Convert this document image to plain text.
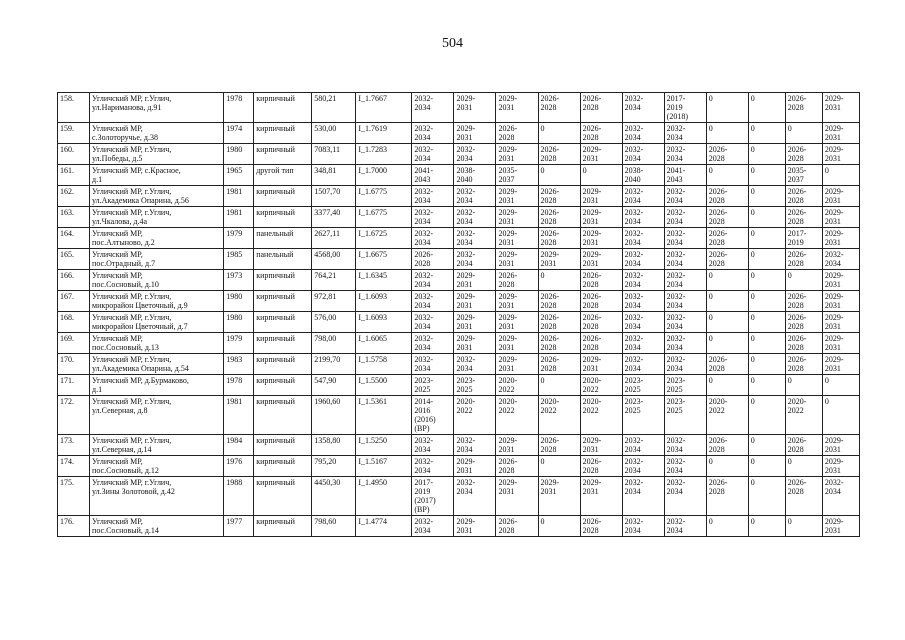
504
158.	Угличский МР, г.Углич,
ул.Нариманова, д.91	1978	кирпичный	580,21	I_1.7667	2032-
2034	2029-
2031	2029-
2031	2026-
2028	2026-
2028	2032-
2034	2017-
2019
(2018)	0	0	2026-
2028	2029-
2031
159.	Угличский МР,
с.Золоторучье, д.38	1974	кирпичный	530,00	I_1.7619	2032-
2034	2029-
2031	2026-
2028	0	2026-
2028	2032-
2034	2032-
2034	0	0	0	2029-
2031
160.	Угличский МР, г.Углич,
ул.Победы, д.5	1980	кирпичный	7083,11	I_1.7283	2032-
2034	2032-
2034	2029-
2031	2026-
2028	2029-
2031	2032-
2034	2032-
2034	2026-
2028	0	2026-
2028	2029-
2031
161.	Угличский МР, с.Красное,
д.1	1965	другой тип	348,81	I_1.7000	2041-
2043	2038-
2040	2035-
2037	0	0	2038-
2040	2041-
2043	0	0	2035-
2037	0
162.	Угличский МР, г.Углич,
ул.Академика Опарина, д.56	1981	кирпичный	1507,70	I_1.6775	2032-
2034	2032-
2034	2029-
2031	2026-
2028	2029-
2031	2032-
2034	2032-
2034	2026-
2028	0	2026-
2028	2029-
2031
163.	Угличский МР, г.Углич,
ул.Чкалова, д.4а	1981	кирпичный	3377,40	I_1.6775	2032-
2034	2032-
2034	2029-
2031	2026-
2028	2029-
2031	2032-
2034	2032-
2034	2026-
2028	0	2026-
2028	2029-
2031
164.	Угличский МР,
пос.Алтыново, д.2	1979	панельный	2627,11	I_1.6725	2032-
2034	2032-
2034	2029-
2031	2026-
2028	2029-
2031	2032-
2034	2032-
2034	2026-
2028	0	2017-
2019	2029-
2031
165.	Угличский МР,
пос.Отрадный, д.7	1985	панельный	4568,00	I_1.6675	2026-
2028	2032-
2034	2029-
2031	2029-
2031	2029-
2031	2032-
2034	2032-
2034	2026-
2028	0	2026-
2028	2032-
2034
166.	Угличский МР,
пос.Сосновый, д.10	1973	кирпичный	764,21	I_1.6345	2032-
2034	2029-
2031	2026-
2028	0	2026-
2028	2032-
2034	2032-
2034	0	0	0	2029-
2031
167.	Угличский МР, г.Углич,
микрорайон Цветочный, д.9	1980	кирпичный	972,81	I_1.6093	2032-
2034	2029-
2031	2029-
2031	2026-
2028	2026-
2028	2032-
2034	2032-
2034	0	0	2026-
2028	2029-
2031
168.	Угличский МР, г.Углич,
микрорайон Цветочный, д.7	1980	кирпичный	576,00	I_1.6093	2032-
2034	2029-
2031	2029-
2031	2026-
2028	2026-
2028	2032-
2034	2032-
2034	0	0	2026-
2028	2029-
2031
169.	Угличский МР,
пос.Сосновый, д.13	1979	кирпичный	798,00	I_1.6065	2032-
2034	2029-
2031	2029-
2031	2026-
2028	2026-
2028	2032-
2034	2032-
2034	0	0	2026-
2028	2029-
2031
170.	Угличский МР, г.Углич,
ул.Академика Опарина, д.54	1983	кирпичный	2199,70	I_1.5758	2032-
2034	2032-
2034	2029-
2031	2026-
2028	2029-
2031	2032-
2034	2032-
2034	2026-
2028	0	2026-
2028	2029-
2031
171.	Угличский МР, д.Бурмаково,
д.1	1978	кирпичный	547,90	I_1.5500	2023-
2025	2023-
2025	2020-
2022	0	2020-
2022	2023-
2025	2023-
2025	0	0	0	0
172.	Угличский МР, г.Углич,
ул.Северная, д.8	1981	кирпичный	1960,60	I_1.5361	2014-
2016
(2016)
(ВР)	2020-
2022	2020-
2022	2020-
2022	2020-
2022	2023-
2025	2023-
2025	2020-
2022	0	2020-
2022	0
173.	Угличский МР, г.Углич,
ул.Северная, д.14	1984	кирпичный	1358,80	I_1.5250	2032-
2034	2032-
2034	2029-
2031	2026-
2028	2029-
2031	2032-
2034	2032-
2034	2026-
2028	0	2026-
2028	2029-
2031
174.	Угличский МР,
пос.Сосновый, д.12	1976	кирпичный	795,20	I_1.5167	2032-
2034	2029-
2031	2026-
2028	0	2026-
2028	2032-
2034	2032-
2034	0	0	0	2029-
2031
175.	Угличский МР, г.Углич,
ул.Зины Золотовой, д.42	1988	кирпичный	4450,30	I_1.4950	2017-
2019
(2017)
(ВР)	2032-
2034	2029-
2031	2029-
2031	2029-
2031	2032-
2034	2032-
2034	2026-
2028	0	2026-
2028	2032-
2034
176.	Угличский МР,
пос.Сосновый, д.14	1977	кирпичный	798,60	I_1.4774	2032-
2034	2029-
2031	2026-
2028	0	2026-
2028	2032-
2034	2032-
2034	0	0	0	2029-
2031
